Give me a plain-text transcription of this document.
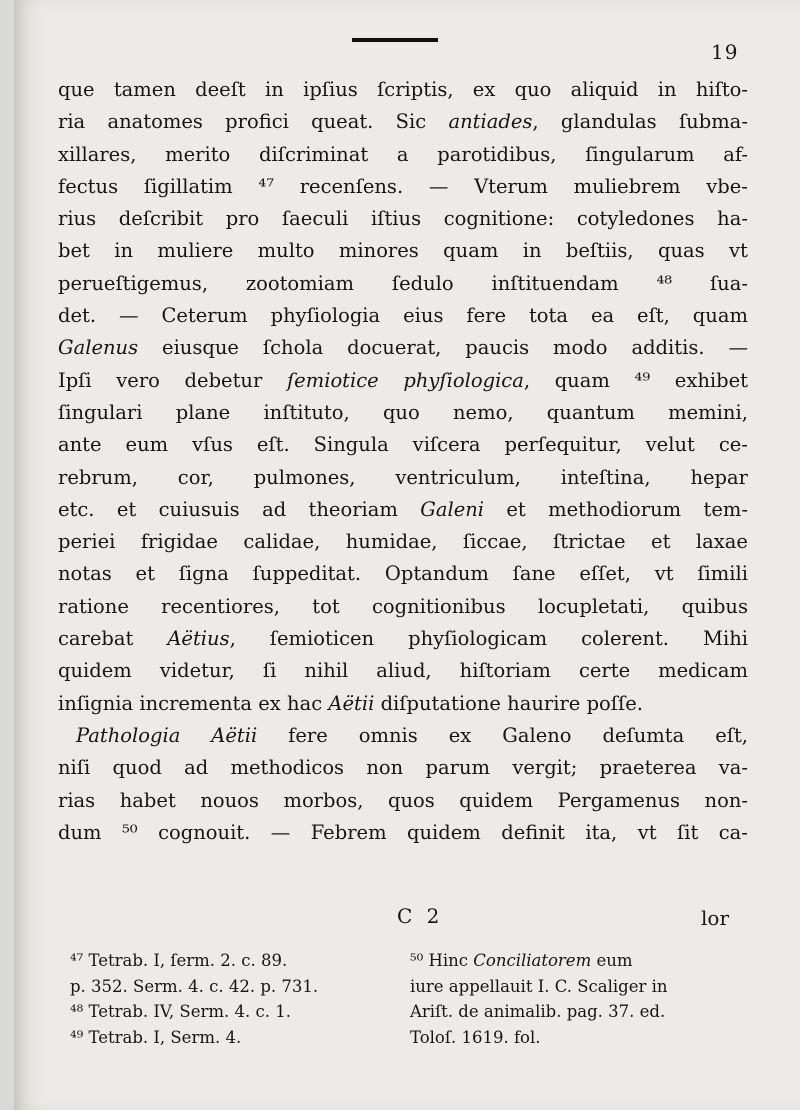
19
que tamen deeſt in ipſius ſcriptis, ex quo aliquid in hiſto-
ria anatomes profici queat. Sic antiades, glandulas ſubma-
xillares, merito diſcriminat a parotidibus, ſingularum af-
fectus ſigillatim ⁴⁷ recenſens. — Vterum muliebrem vbe-
rius deſcribit pro ſaeculi iſtius cognitione: cotyledones ha-
bet in muliere multo minores quam in beſtiis, quas vt
perueſtigemus, zootomiam ſedulo inſtituendam ⁴⁸ ſua-
det. — Ceterum phyſiologia eius fere tota ea eſt, quam
Galenus eiusque ſchola docuerat, paucis modo additis. —
Ipſi vero debetur ſemiotice phyſiologica, quam ⁴⁹ exhibet
ſingulari plane inſtituto, quo nemo, quantum memini,
ante eum vſus eſt. Singula viſcera perſequitur, velut ce-
rebrum, cor, pulmones, ventriculum, inteſtina, hepar
etc. et cuiusuis ad theoriam Galeni et methodiorum tem-
periei frigidae calidae, humidae, ſiccae, ſtrictae et laxae
notas et ſigna ſuppeditat. Optandum ſane eſſet, vt ſimili
ratione recentiores, tot cognitionibus locupletati, quibus
carebat Aëtius, ſemioticen phyſiologicam colerent. Mihi
quidem videtur, ſi nihil aliud, hiſtoriam certe medicam
inſignia incrementa ex hac Aëtii diſputatione haurire poſſe.
Pathologia Aëtii fere omnis ex Galeno deſumta eſt,
niſi quod ad methodicos non parum vergit; praeterea va-
rias habet nouos morbos, quos quidem Pergamenus non-
dum ⁵⁰ cognouit. — Febrem quidem definit ita, vt ſit ca-
C 2	lor
⁴⁷ Tetrab. I, ſerm. 2. c. 89.	⁵⁰ Hinc Conciliatorem eum
p. 352. Serm. 4. c. 42. p. 731.	iure appellauit I. C. Scaliger in
⁴⁸ Tetrab. IV, Serm. 4. c. 1.	Ariſt. de animalib. pag. 37. ed.
⁴⁹ Tetrab. I, Serm. 4.	Toloſ. 1619. fol.
